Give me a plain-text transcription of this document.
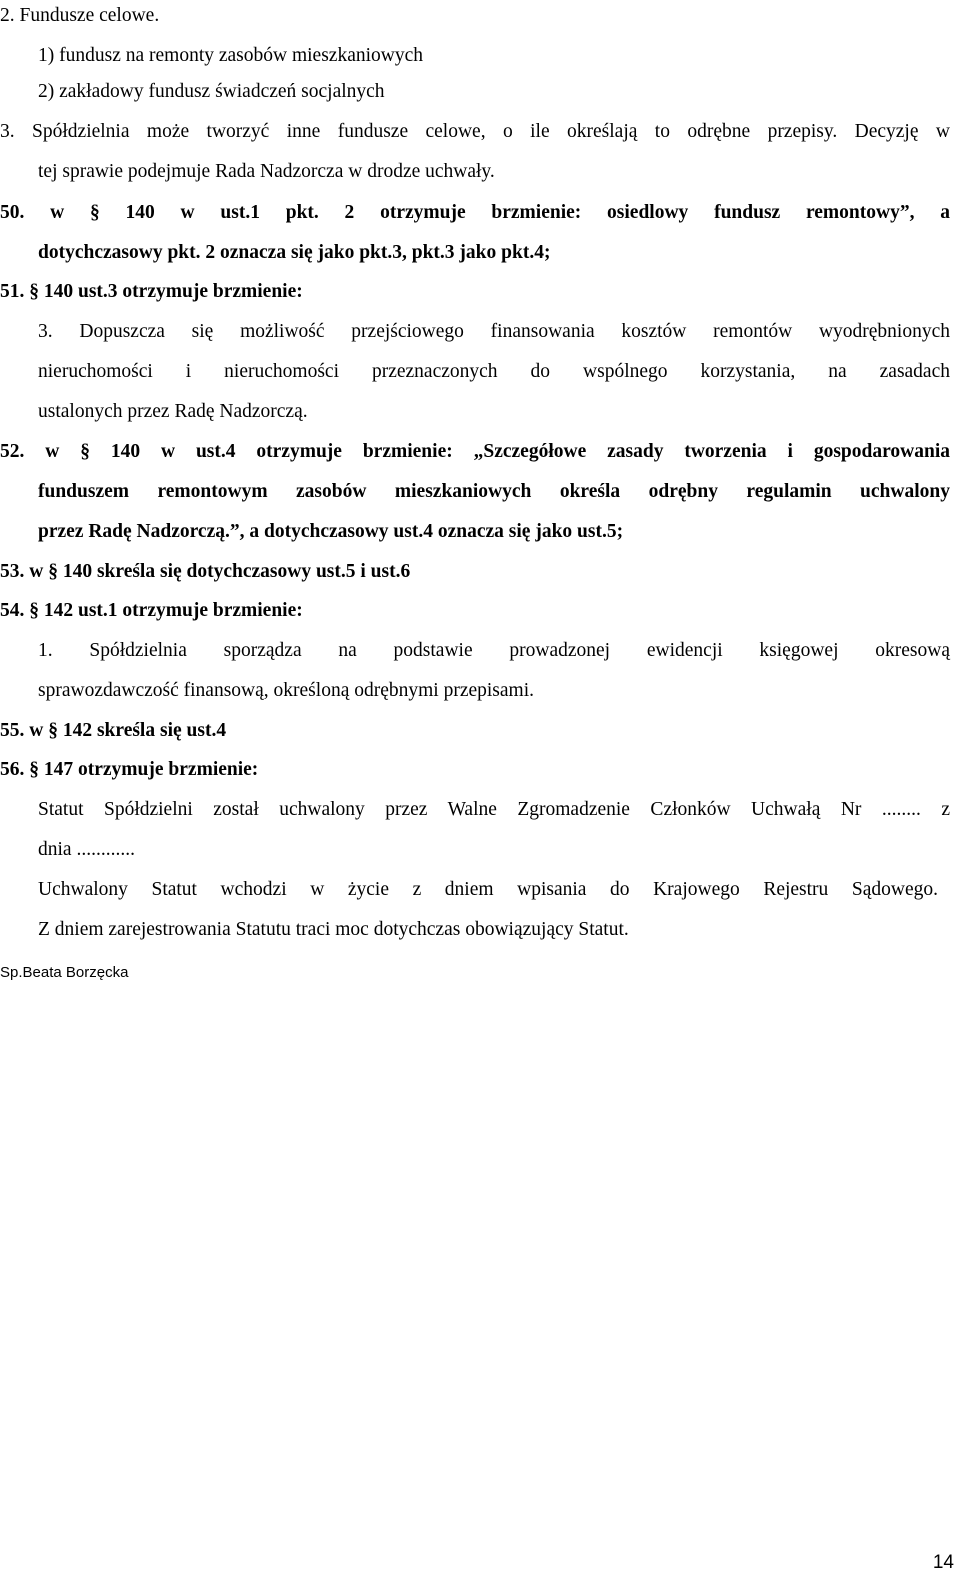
2. Fundusze celowe.
1) fundusz na remonty zasobów mieszkaniowych
2) zakładowy fundusz świadczeń socjalnych
3. Spółdzielnia może tworzyć inne fundusze celowe, o ile określają to odrębne przepisy. Decyzję w
tej sprawie podejmuje Rada Nadzorcza w drodze uchwały.
50. w § 140 w ust.1 pkt. 2 otrzymuje brzmienie: osiedlowy fundusz remontowy”, a
dotychczasowy pkt. 2 oznacza się jako pkt.3, pkt.3 jako pkt.4;
51. § 140 ust.3 otrzymuje brzmienie:
3. Dopuszcza się możliwość przejściowego finansowania kosztów remontów wyodrębnionych
nieruchomości i nieruchomości przeznaczonych do wspólnego korzystania, na zasadach
ustalonych przez Radę Nadzorczą.
52. w § 140 w ust.4 otrzymuje brzmienie: „Szczegółowe zasady tworzenia i gospodarowania
funduszem remontowym zasobów mieszkaniowych określa odrębny regulamin uchwalony
przez Radę Nadzorczą.”, a dotychczasowy ust.4 oznacza się jako ust.5;
53. w § 140 skreśla się dotychczasowy ust.5 i ust.6
54. § 142 ust.1 otrzymuje brzmienie:
1. Spółdzielnia sporządza na podstawie prowadzonej ewidencji księgowej okresową
sprawozdawczość finansową, określoną odrębnymi przepisami.
55. w § 142 skreśla się ust.4
56. § 147 otrzymuje brzmienie:
Statut Spółdzielni został uchwalony przez Walne Zgromadzenie Członków Uchwałą Nr ........ z
dnia ............
Uchwalony Statut wchodzi w życie z dniem wpisania do Krajowego Rejestru Sądowego.
Z dniem zarejestrowania Statutu traci moc dotychczas obowiązujący Statut.
Sp.Beata Borzęcka
14
